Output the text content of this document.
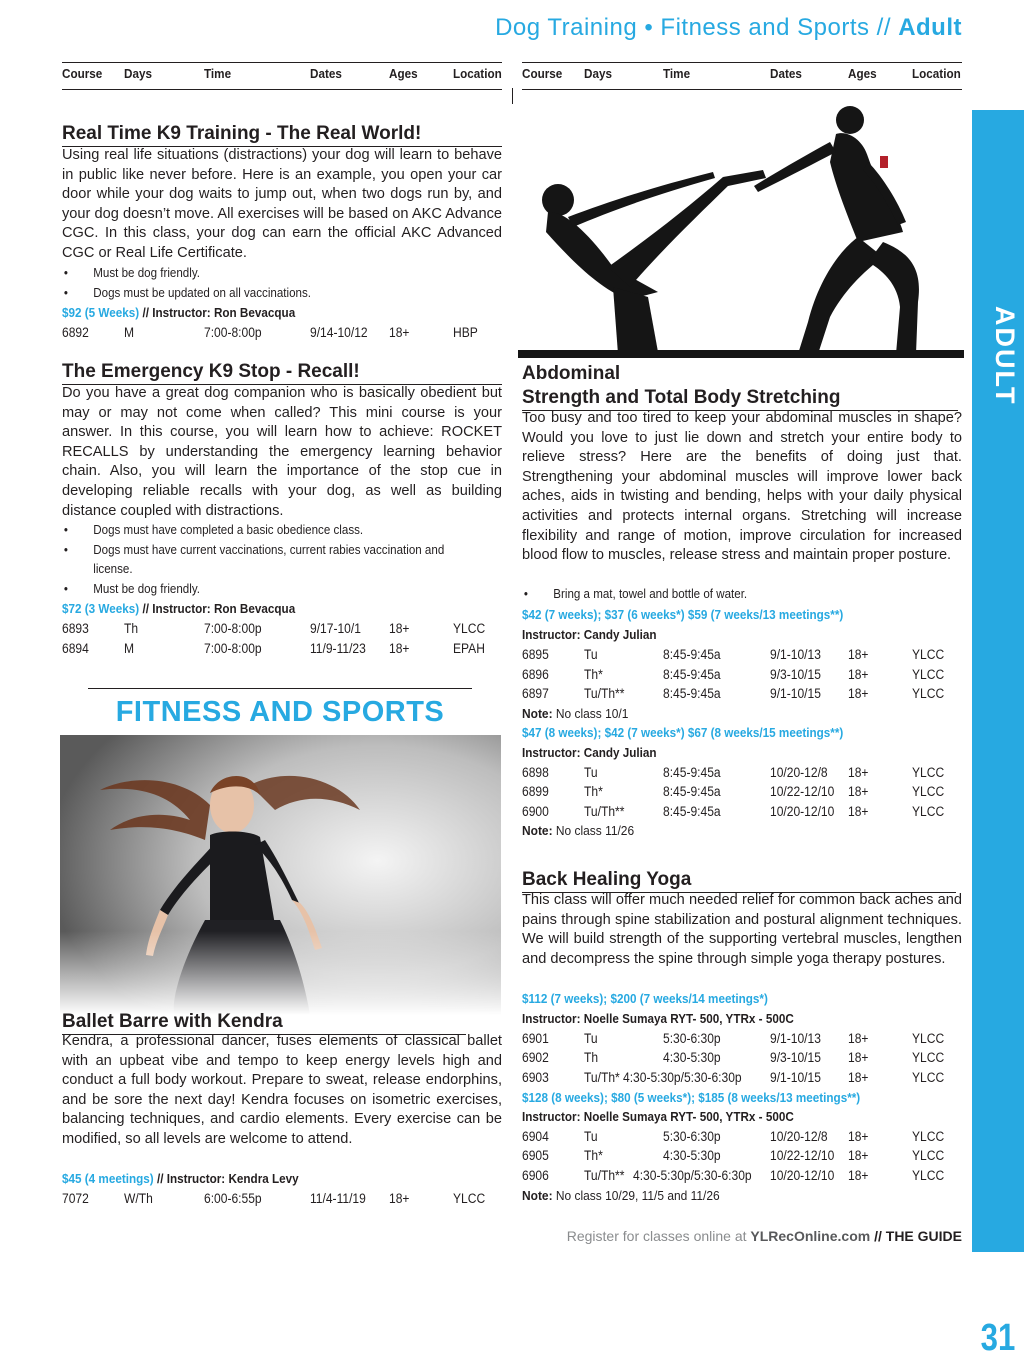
Dog Training • Fitness and Sports // Adult
Course Days	Time	Dates	Ages	Location Course Days	Time	Dates	Ages	Location
ADULT
31
Real Time K9 Training - The Real World!
Using real life situations (distractions) your dog will learn to behave in public like never before. Here is an example, you open your car door while your dog waits to jump out, when two dogs run by, and your dog doesn’t move. All exercises will be based on AKC Advance CGC. In this class, your dog can earn the official AKC Advanced CGC or Real Life Certificate.
• Must be dog friendly.
• Dogs must be updated on all vaccinations.
$92 (5 Weeks) // Instructor: Ron Bevacqua
6892	M	7:00-8:00p	9/14-10/12 18+	HBP
The Emergency K9 Stop - Recall!
Do you have a great dog companion who is basically obedient but may or may not come when called? This mini course is your answer. In this course, you will learn how to achieve: ROCKET RECALLS by understanding the emergency learning behavior chain. Also, you will learn the importance of the stop cue in developing reliable recalls with your dog, as well as building distance coupled with distractions.
• Dogs must have completed a basic obedience class.
• Dogs must have current vaccinations, current rabies vaccination and license.
• Must be dog friendly.
$72 (3 Weeks) // Instructor: Ron Bevacqua
6893	Th	7:00-8:00p	9/17-10/1 18+	YLCC
6894	M	7:00-8:00p	11/9-11/23 18+	EPAH
FITNESS AND SPORTS
Ballet Barre with Kendra
Kendra, a professional dancer, fuses elements of classical ballet with an upbeat vibe and tempo to keep energy levels high and conduct a full body workout. Prepare to sweat, release endorphins, and be sore the next day! Kendra focuses on isometric exercises, balancing techniques, and cardio elements. Every exercise can be modified, so all levels are welcome to attend.
$45 (4 meetings) // Instructor: Kendra Levy
7072	W/Th	6:00-6:55p	11/4-11/19 18+	YLCC
Abdominal
Strength and Total Body Stretching
Too busy and too tired to keep your abdominal muscles in shape? Would you love to just lie down and stretch your entire body to relieve stress? Here are the benefits of doing just that. Strengthening your abdominal muscles will improve lower back aches, aids in twisting and bending, helps with your daily physical activities and protects internal organs. Stretching will increase flexibility and range of motion, improve circulation for increased blood flow to muscles, release stress and maintain proper posture.
• Bring a mat, towel and bottle of water.
$42 (7 weeks); $37 (6 weeks*) $59 (7 weeks/13 meetings**)
Instructor: Candy Julian
6895	Tu	8:45-9:45a	9/1-10/13 18+	YLCC
6896	Th*	8:45-9:45a	9/3-10/15 18+	YLCC
6897	Tu/Th**	8:45-9:45a	9/1-10/15 18+	YLCC
Note: No class 10/1
$47 (8 weeks); $42 (7 weeks*) $67 (8 weeks/15 meetings**)
Instructor: Candy Julian
6898	Tu	8:45-9:45a	10/20-12/8 18+	YLCC
6899	Th*	8:45-9:45a	10/22-12/10 18+	YLCC
6900	Tu/Th**	8:45-9:45a	10/20-12/10 18+	YLCC
Note: No class 11/26
Back Healing Yoga
This class will offer much needed relief for common back aches and pains through spine stabilization and postural alignment techniques. We will build strength of the supporting vertebral muscles, lengthen and decompress the spine through simple yoga therapy postures.
$112 (7 weeks); $200 (7 weeks/14 meetings*)
Instructor: Noelle Sumaya RYT- 500, YTRx - 500C
6901	Tu	5:30-6:30p	9/1-10/13 18+	YLCC
6902	Th	4:30-5:30p	9/3-10/15 18+	YLCC
6903	Tu/Th* 4:30-5:30p/5:30-6:30p 9/1-10/15 18+	YLCC
$128 (8 weeks); $80 (5 weeks*); $185 (8 weeks/13 meetings**)
Instructor: Noelle Sumaya RYT- 500, YTRx - 500C
6904	Tu	5:30-6:30p	10/20-12/8 18+	YLCC
6905	Th*	4:30-5:30p	10/22-12/10 18+	YLCC
6906	Tu/Th** 4:30-5:30p/5:30-6:30p 10/20-12/10 18+	YLCC
Note: No class 10/29, 11/5 and 11/26
Register for classes online at YLRecOnline.com // THE GUIDE
